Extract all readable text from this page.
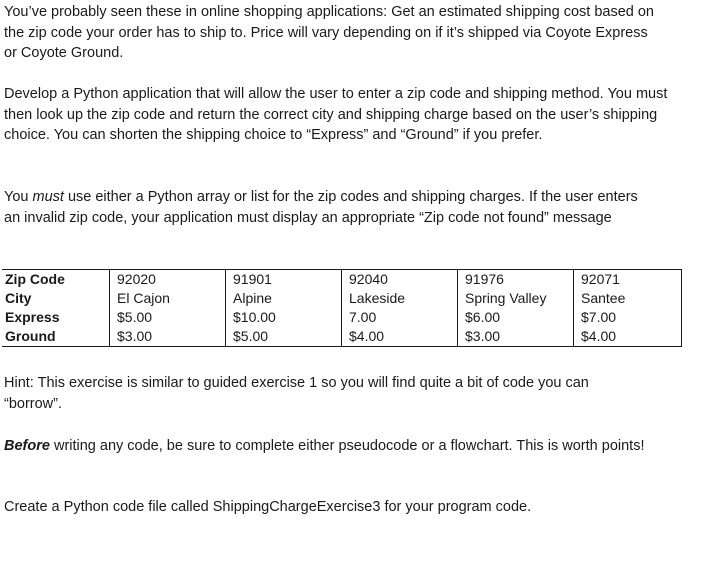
You’ve probably seen these in online shopping applications: Get an estimated shipping cost based on the zip code your order has to ship to. Price will vary depending on if it’s shipped via Coyote Express or Coyote Ground.

Develop a Python application that will allow the user to enter a zip code and shipping method. You must then look up the zip code and return the correct city and shipping charge based on the user’s shipping choice. You can shorten the shipping choice to “Express” and “Ground” if you prefer.

You must use either a Python array or list for the zip codes and shipping charges. If the user enters an invalid zip code, your application must display an appropriate “Zip code not found” message

Zip Code	92020	91901	92040	91976	92071
City	El Cajon	Alpine	Lakeside	Spring Valley	Santee
Express	$5.00	$10.00	7.00	$6.00	$7.00
Ground	$3.00	$5.00	$4.00	$3.00	$4.00

Hint: This exercise is similar to guided exercise 1 so you will find quite a bit of code you can “borrow”.

Before writing any code, be sure to complete either pseudocode or a flowchart. This is worth points!

Create a Python code file called ShippingChargeExercise3 for your program code.
